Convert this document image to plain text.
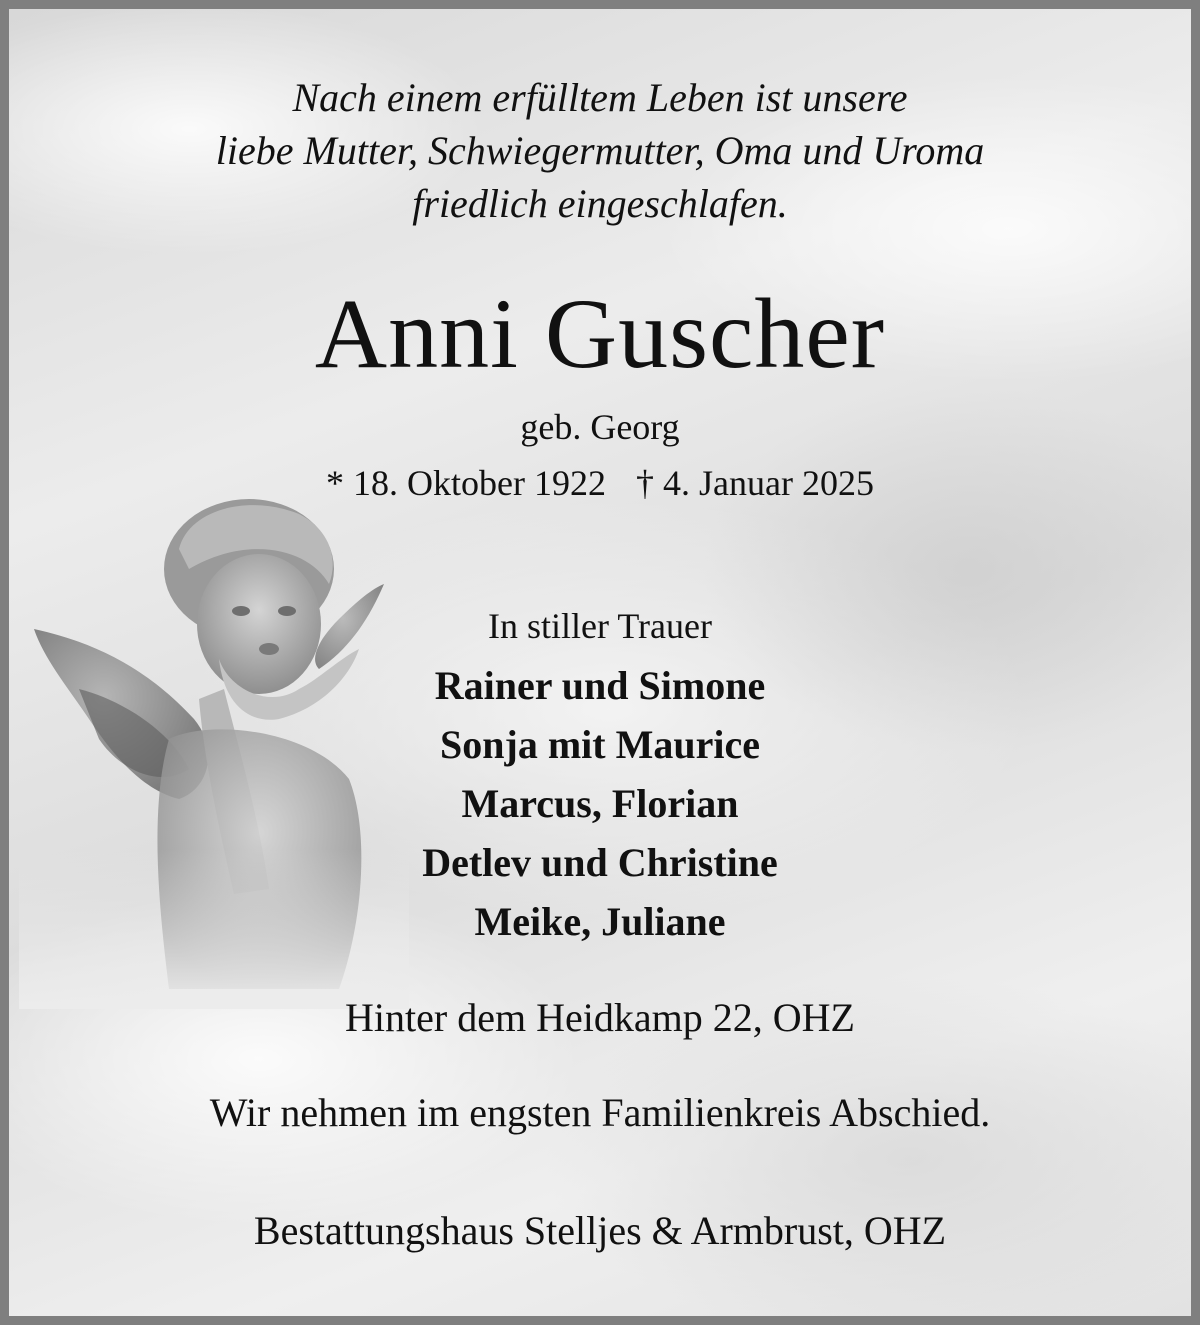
Nach einem erfülltem Leben ist unsere
liebe Mutter, Schwiegermutter, Oma und Uroma
friedlich eingeschlafen.
Anni Guscher
geb. Georg
* 18. Oktober 1922 † 4. Januar 2025
In stiller Trauer
Rainer und Simone
Sonja mit Maurice
Marcus, Florian
Detlev und Christine
Meike, Juliane
Hinter dem Heidkamp 22, OHZ
Wir nehmen im engsten Familienkreis Abschied.
Bestattungshaus Stelljes & Armbrust, OHZ
